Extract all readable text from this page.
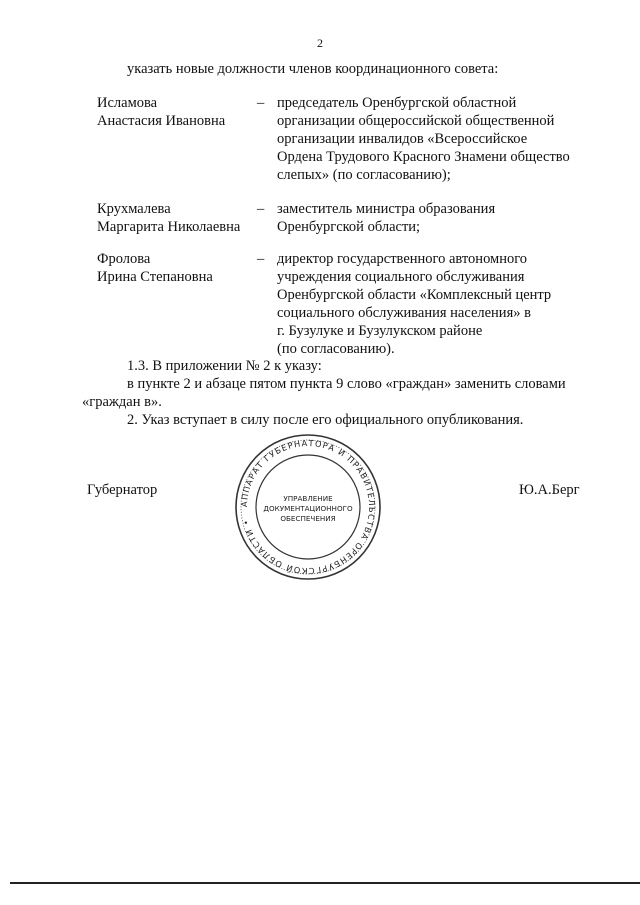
2
указать новые должности членов координационного совета:
Исламова
Анастасия Ивановна
– председатель Оренбургской областной
организации общероссийской общественной
организации инвалидов «Всероссийское
Ордена Трудового Красного Знамени общество
слепых» (по согласованию);
Крухмалева
Маргарита Николаевна
– заместитель министра образования
Оренбургской области;
Фролова
Ирина Степановна
– директор государственного автономного
учреждения социального обслуживания
Оренбургской области «Комплексный центр
социального обслуживания населения» в
г. Бузулуке и Бузулукском районе
(по согласованию).
1.3. В приложении № 2 к указу:
в пункте 2 и абзаце пятом пункта 9 слово «граждан» заменить словами
«граждан в».
2. Указ вступает в силу после его официального опубликования.
Губернатор	Ю.А.Берг
АППАРАТ ГУБЕРНАТОРА И ПРАВИТЕЛЬСТВА ОРЕНБУРГСКОЙ ОБЛАСТИ •
УПРАВЛЕНИЕ
ДОКУМЕНТАЦИОННОГО
ОБЕСПЕЧЕНИЯ
